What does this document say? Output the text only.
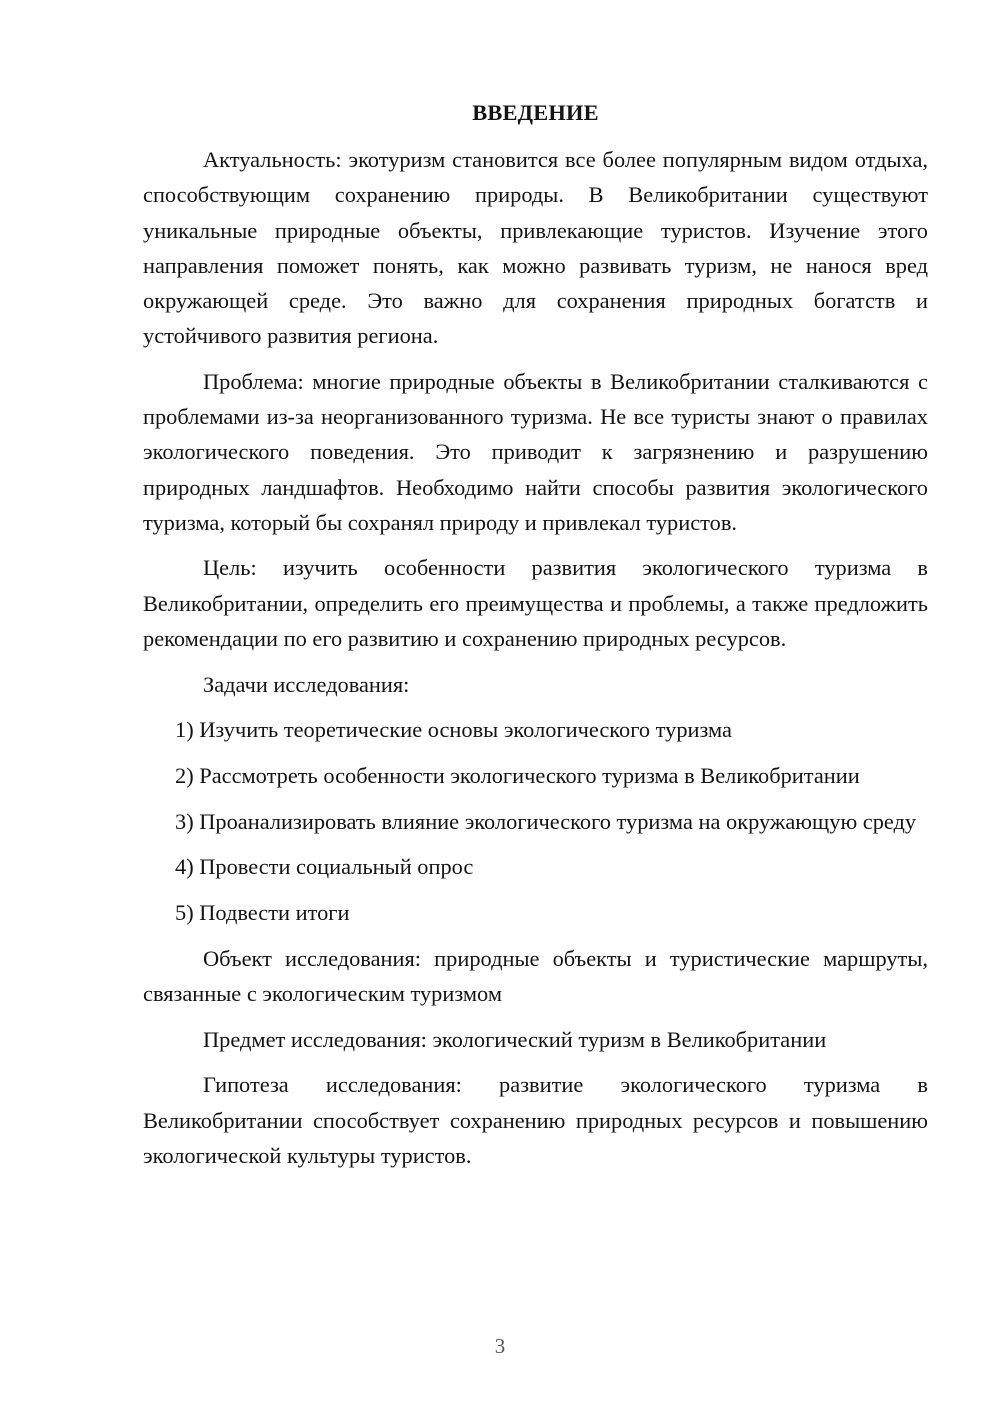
ВВЕДЕНИЕ

Актуальность: экотуризм становится все более популярным видом отдыха, способствующим сохранению природы. В Великобритании существуют уникальные природные объекты, привлекающие туристов. Изучение этого направления поможет понять, как можно развивать туризм, не нанося вред окружающей среде. Это важно для сохранения природных богатств и устойчивого развития региона.

Проблема: многие природные объекты в Великобритании сталкиваются с проблемами из-за неорганизованного туризма. Не все туристы знают о правилах экологического поведения. Это приводит к загрязнению и разрушению природных ландшафтов. Необходимо найти способы развития экологического туризма, который бы сохранял природу и привлекал туристов.

Цель: изучить особенности развития экологического туризма в Великобритании, определить его преимущества и проблемы, а также предложить рекомендации по его развитию и сохранению природных ресурсов.

Задачи исследования:

1) Изучить теоретические основы экологического туризма

2) Рассмотреть особенности экологического туризма в Великобритании

3) Проанализировать влияние экологического туризма на окружающую среду

4) Провести социальный опрос

5) Подвести итоги

Объект исследования: природные объекты и туристические маршруты, связанные с экологическим туризмом

Предмет исследования: экологический туризм в Великобритании

Гипотеза исследования: развитие экологического туризма в Великобритании способствует сохранению природных ресурсов и повышению экологической культуры туристов.

3
